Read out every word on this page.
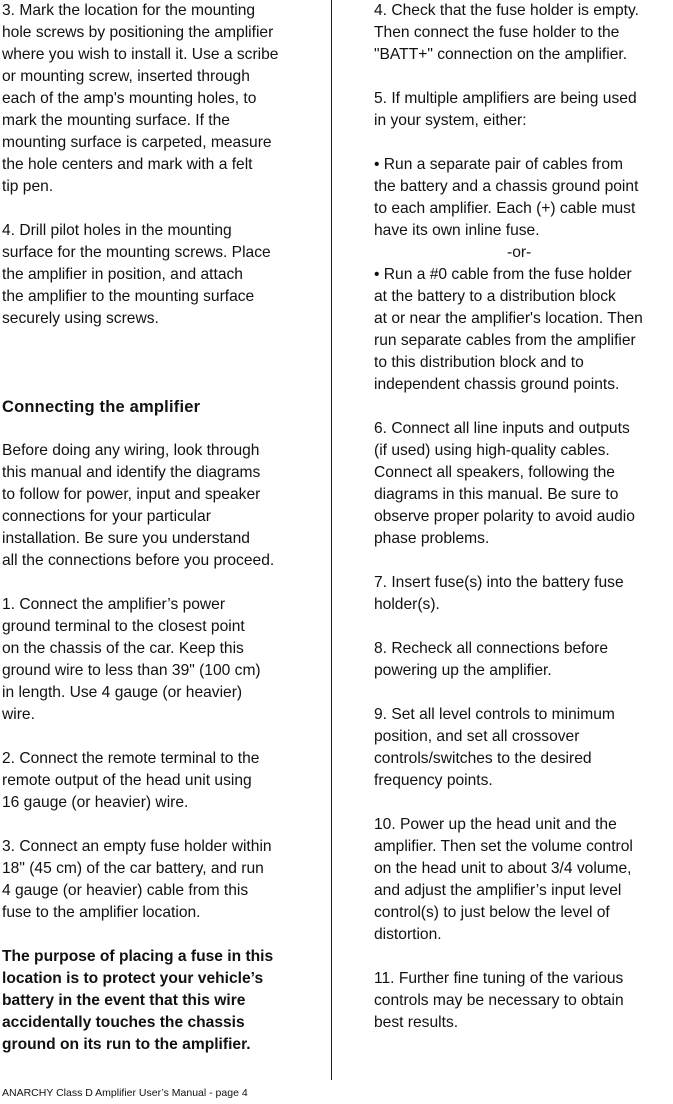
3. Mark the location for the mounting
hole screws by positioning the amplifier
where you wish to install it. Use a scribe
or mounting screw, inserted through
each of the amp's mounting holes, to
mark the mounting surface. If the
mounting surface is carpeted, measure
the hole centers and mark with a felt
tip pen.

4. Drill pilot holes in the mounting
surface for the mounting screws. Place
the amplifier in position, and attach
the amplifier to the mounting surface
securely using screws.

Connecting the amplifier

Before doing any wiring, look through
this manual and identify the diagrams
to follow for power, input and speaker
connections for your particular
installation. Be sure you understand
all the connections before you proceed.

1. Connect the amplifier’s power
ground terminal to the closest point
on the chassis of the car. Keep this
ground wire to less than 39" (100 cm)
in length. Use 4 gauge (or heavier)
wire.

2. Connect the remote terminal to the
remote output of the head unit using
16 gauge (or heavier) wire.

3. Connect an empty fuse holder within
18" (45 cm) of the car battery, and run
4 gauge (or heavier) cable from this
fuse to the amplifier location.

The purpose of placing a fuse in this
location is to protect your vehicle’s
battery in the event that this wire
accidentally touches the chassis
ground on its run to the amplifier.

4. Check that the fuse holder is empty.
Then connect the fuse holder to the
"BATT+" connection on the amplifier.

5. If multiple amplifiers are being used
in your system, either:

• Run a separate pair of cables from
the battery and a chassis ground point
to each amplifier. Each (+) cable must
have its own inline fuse.

-or-

• Run a #0 cable from the fuse holder
at the battery to a distribution block
at or near the amplifier's location. Then
run separate cables from the amplifier
to this distribution block and to
independent chassis ground points.

6. Connect all line inputs and outputs
(if used) using high-quality cables.
Connect all speakers, following the
diagrams in this manual. Be sure to
observe proper polarity to avoid audio
phase problems.

7. Insert fuse(s) into the battery fuse
holder(s).

8. Recheck all connections before
powering up the amplifier.

9. Set all level controls to minimum
position, and set all crossover
controls/switches to the desired
frequency points.

10. Power up the head unit and the
amplifier. Then set the volume control
on the head unit to about 3/4 volume,
and adjust the amplifier’s input level
control(s) to just below the level of
distortion.

11. Further fine tuning of the various
controls may be necessary to obtain
best results.

ANARCHY Class D Amplifier User’s Manual - page 4
